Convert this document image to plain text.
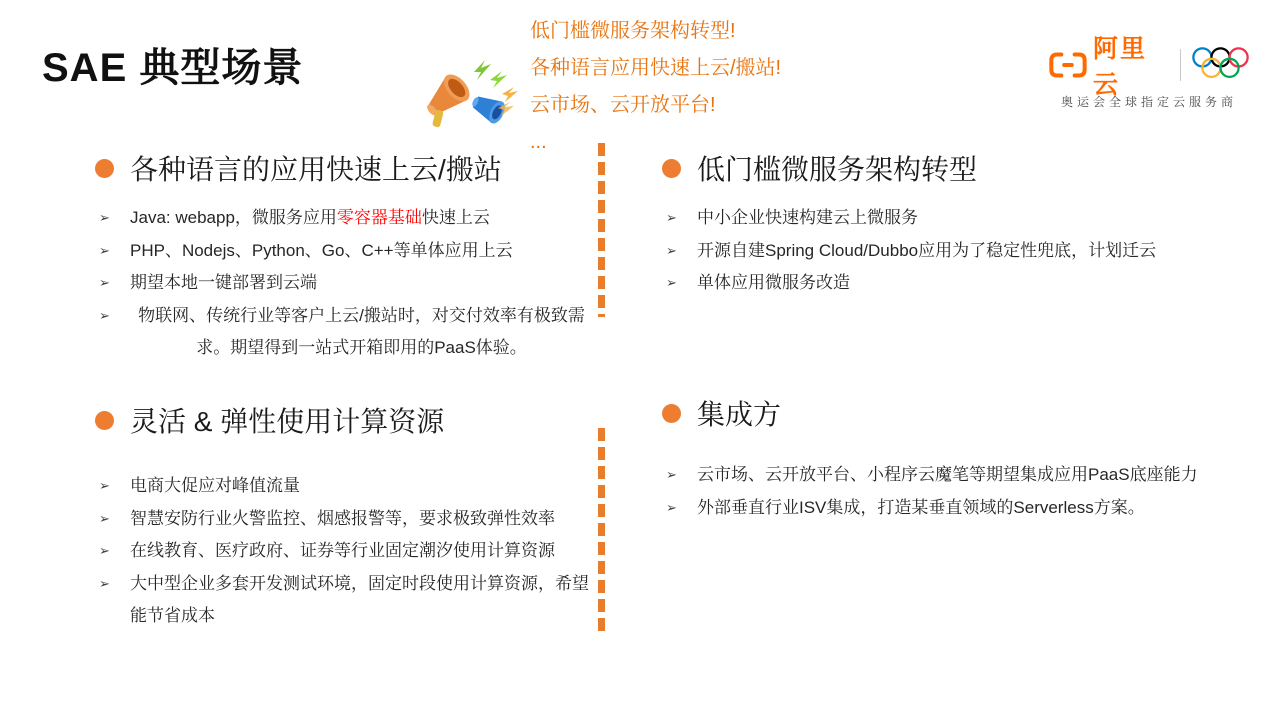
SAE 典型场景
低门槛微服务架构转型!
各种语言应用快速上云/搬站!
云市场、云开放平台!
...
阿里云
奥运会全球指定云服务商
各种语言的应用快速上云/搬站
➢ Java: webapp，微服务应用零容器基础快速上云
➢ PHP、Nodejs、Python、Go、C++等单体应用上云
➢ 期望本地一键部署到云端
➢ 物联网、传统行业等客户上云/搬站时，对交付效率有极致需求。期望得到一站式开箱即用的PaaS体验。
低门槛微服务架构转型
➢ 中小企业快速构建云上微服务
➢ 开源自建Spring Cloud/Dubbo应用为了稳定性兜底，计划迁云
➢ 单体应用微服务改造
灵活 & 弹性使用计算资源
➢ 电商大促应对峰值流量
➢ 智慧安防行业火警监控、烟感报警等，要求极致弹性效率
➢ 在线教育、医疗政府、证券等行业固定潮汐使用计算资源
➢ 大中型企业多套开发测试环境，固定时段使用计算资源，希望能节省成本
集成方
➢ 云市场、云开放平台、小程序云魔笔等期望集成应用PaaS底座能力
➢ 外部垂直行业ISV集成，打造某垂直领域的Serverless方案。
